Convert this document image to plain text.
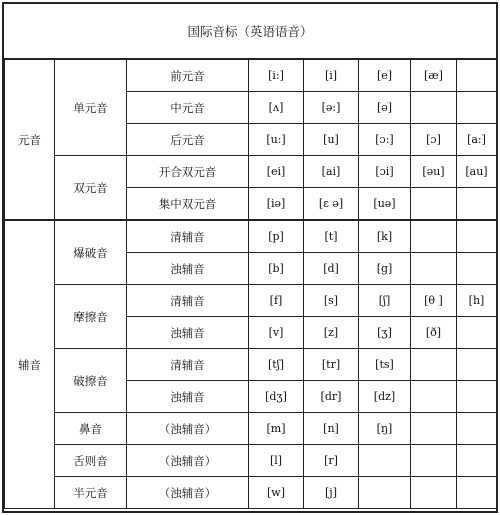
国际音标（英语语音）
元音	单元音	前元音	[i:]	[i]	[e]	[æ]	
		中元音	[ʌ]	[ə:]	[ə]		
		后元音	[u:]	[u]	[ɔ:]	[ɔ]	[a:]
	双元音	开合双元音	[ei]	[ai]	[ɔi]	[əu]	[au]
		集中双元音	[iə]	[ɛ ə]	[uə]		
辅音	爆破音	清辅音	[p]	[t]	[k]		
		浊辅音	[b]	[d]	[g]		
	摩擦音	清辅音	[f]	[s]	[ʃ]	[θ ]	[h]
		浊辅音	[v]	[z]	[ʒ]	[ð]	
	破擦音	清辅音	[tʃ]	[tr]	[ts]		
		浊辅音	[dʒ]	[dr]	[dz]		
	鼻音	（浊辅音）	[m]	[n]	[ŋ]		
	舌则音	（浊辅音）	[l]	[r]			
	半元音	（浊辅音）	[w]	[j]			
